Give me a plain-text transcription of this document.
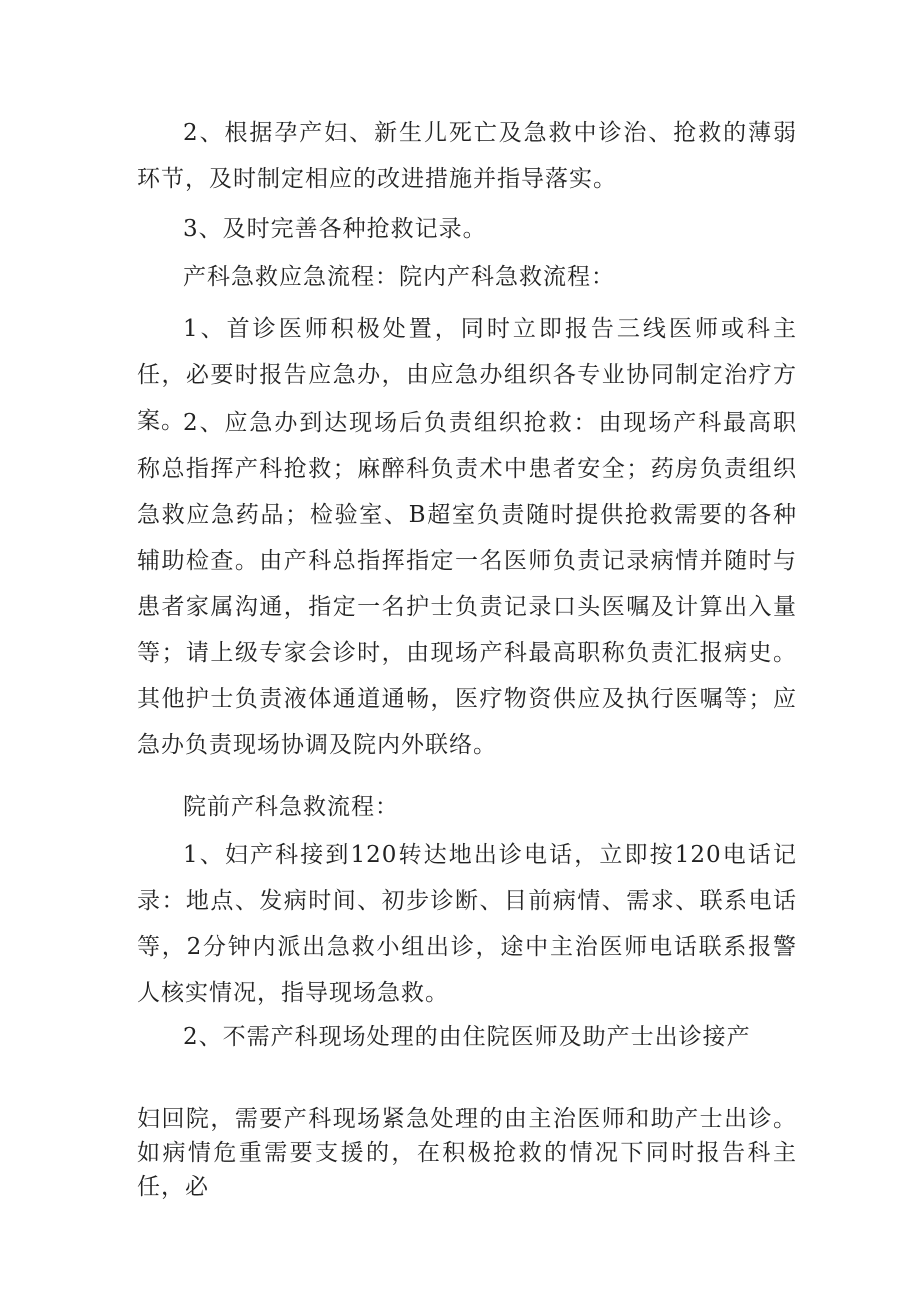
2、根据孕产妇、新生儿死亡及急救中诊治、抢救的薄弱环节，及时制定相应的改进措施并指导落实。

3、及时完善各种抢救记录。

产科急救应急流程：院内产科急救流程：

1、首诊医师积极处置，同时立即报告三线医师或科主任，必要时报告应急办，由应急办组织各专业协同制定治疗方案。

2、应急办到达现场后负责组织抢救：由现场产科最高职称总指挥产科抢救；麻醉科负责术中患者安全；药房负责组织急救应急药品；检验室、B超室负责随时提供抢救需要的各种辅助检查。由产科总指挥指定一名医师负责记录病情并随时与患者家属沟通，指定一名护士负责记录口头医嘱及计算出入量等；请上级专家会诊时，由现场产科最高职称负责汇报病史。其他护士负责液体通道通畅，医疗物资供应及执行医嘱等；应急办负责现场协调及院内外联络。

院前产科急救流程：

1、妇产科接到120转达地出诊电话，立即按120电话记录：地点、发病时间、初步诊断、目前病情、需求、联系电话等，2分钟内派出急救小组出诊，途中主治医师电话联系报警人核实情况，指导现场急救。

2、不需产科现场处理的由住院医师及助产士出诊接产

妇回院，需要产科现场紧急处理的由主治医师和助产士出诊。如病情危重需要支援的，在积极抢救的情况下同时报告科主任，必
